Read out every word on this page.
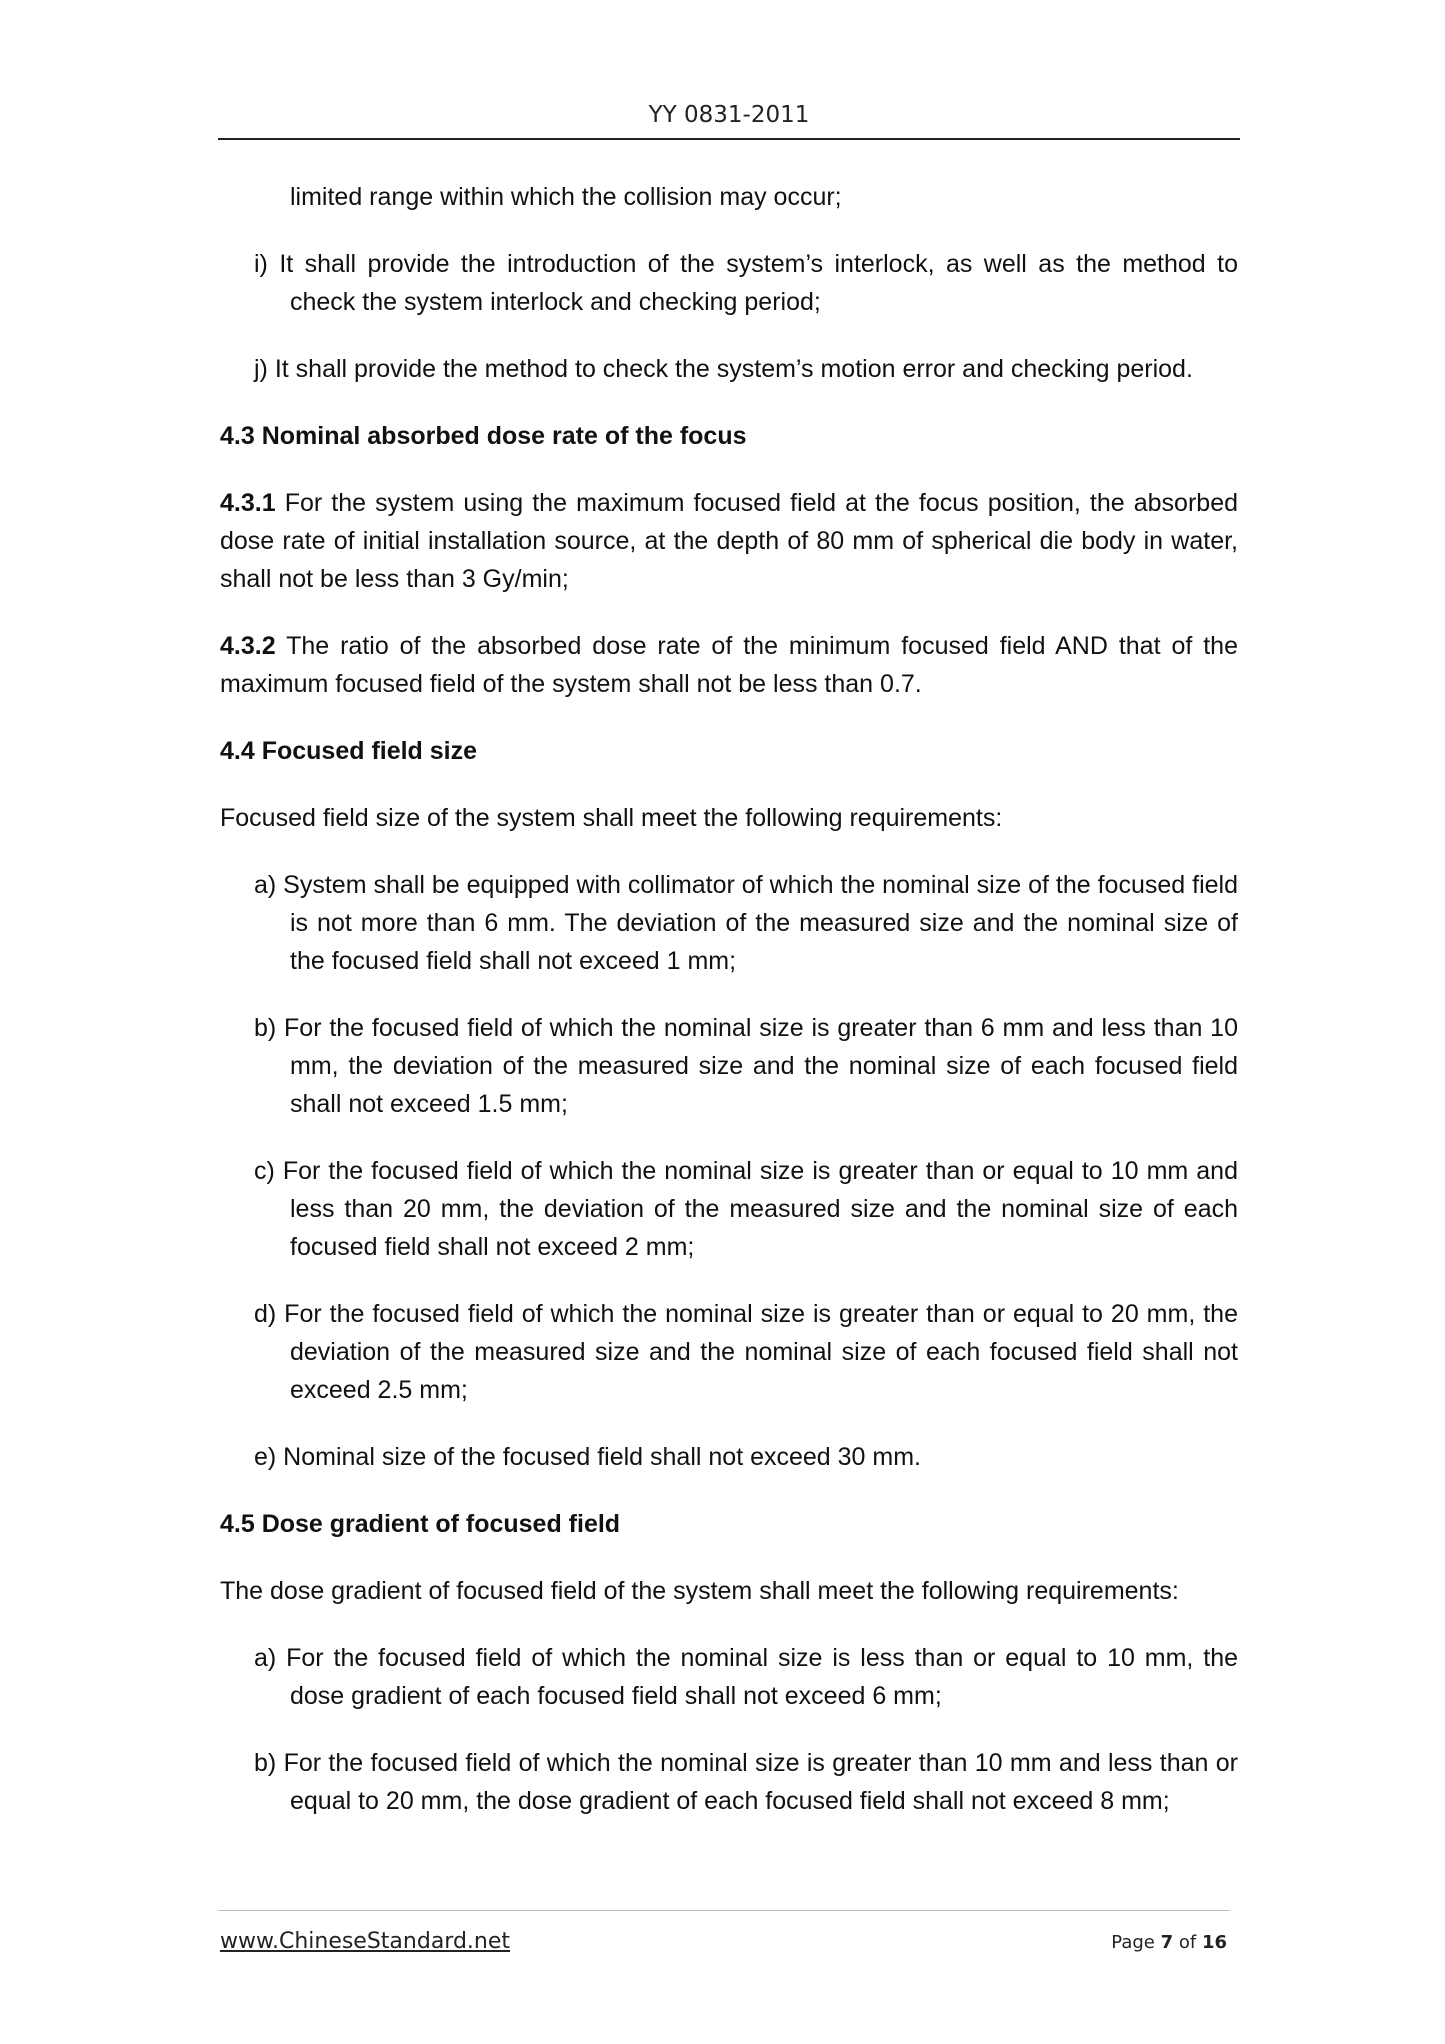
YY 0831-2011

limited range within which the collision may occur;

i) It shall provide the introduction of the system’s interlock, as well as the method to check the system interlock and checking period;

j) It shall provide the method to check the system’s motion error and checking period.

4.3 Nominal absorbed dose rate of the focus

4.3.1 For the system using the maximum focused field at the focus position, the absorbed dose rate of initial installation source, at the depth of 80 mm of spherical die body in water, shall not be less than 3 Gy/min;

4.3.2 The ratio of the absorbed dose rate of the minimum focused field AND that of the maximum focused field of the system shall not be less than 0.7.

4.4 Focused field size

Focused field size of the system shall meet the following requirements:

a) System shall be equipped with collimator of which the nominal size of the focused field is not more than 6 mm. The deviation of the measured size and the nominal size of the focused field shall not exceed 1 mm;

b) For the focused field of which the nominal size is greater than 6 mm and less than 10 mm, the deviation of the measured size and the nominal size of each focused field shall not exceed 1.5 mm;

c) For the focused field of which the nominal size is greater than or equal to 10 mm and less than 20 mm, the deviation of the measured size and the nominal size of each focused field shall not exceed 2 mm;

d) For the focused field of which the nominal size is greater than or equal to 20 mm, the deviation of the measured size and the nominal size of each focused field shall not exceed 2.5 mm;

e) Nominal size of the focused field shall not exceed 30 mm.

4.5 Dose gradient of focused field

The dose gradient of focused field of the system shall meet the following requirements:

a) For the focused field of which the nominal size is less than or equal to 10 mm, the dose gradient of each focused field shall not exceed 6 mm;

b) For the focused field of which the nominal size is greater than 10 mm and less than or equal to 20 mm, the dose gradient of each focused field shall not exceed 8 mm;

www.ChineseStandard.net	Page 7 of 16
